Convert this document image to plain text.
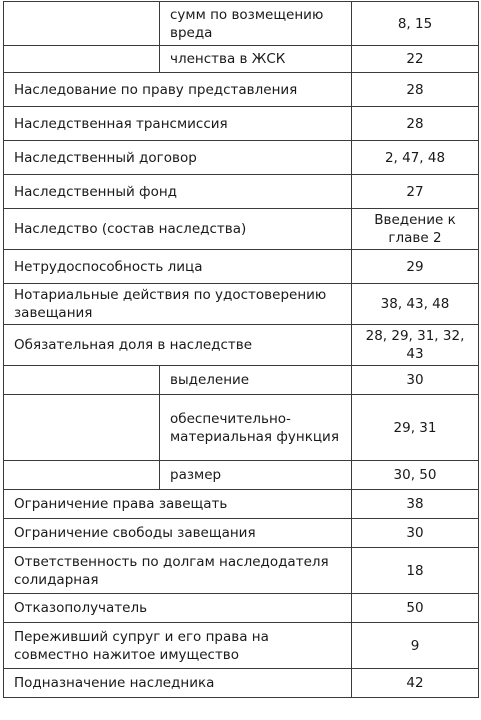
	сумм по возмещению вреда	8, 15
	членства в ЖСК	22
Наследование по праву представления		28
Наследственная трансмиссия		28
Наследственный договор		2, 47, 48
Наследственный фонд		27
Наследство (состав наследства)		Введение к главе 2
Нетрудоспособность лица		29
Нотариальные действия по удостоверению завещания		38, 43, 48
Обязательная доля в наследстве		28, 29, 31, 32, 43
	выделение	30
	обеспечительно-материальная функция	29, 31
	размер	30, 50
Ограничение права завещать		38
Ограничение свободы завещания		30
Ответственность по долгам наследодателя солидарная		18
Отказополучатель		50
Переживший супруг и его права на совместно нажитое имущество		9
Подназначение наследника		42
